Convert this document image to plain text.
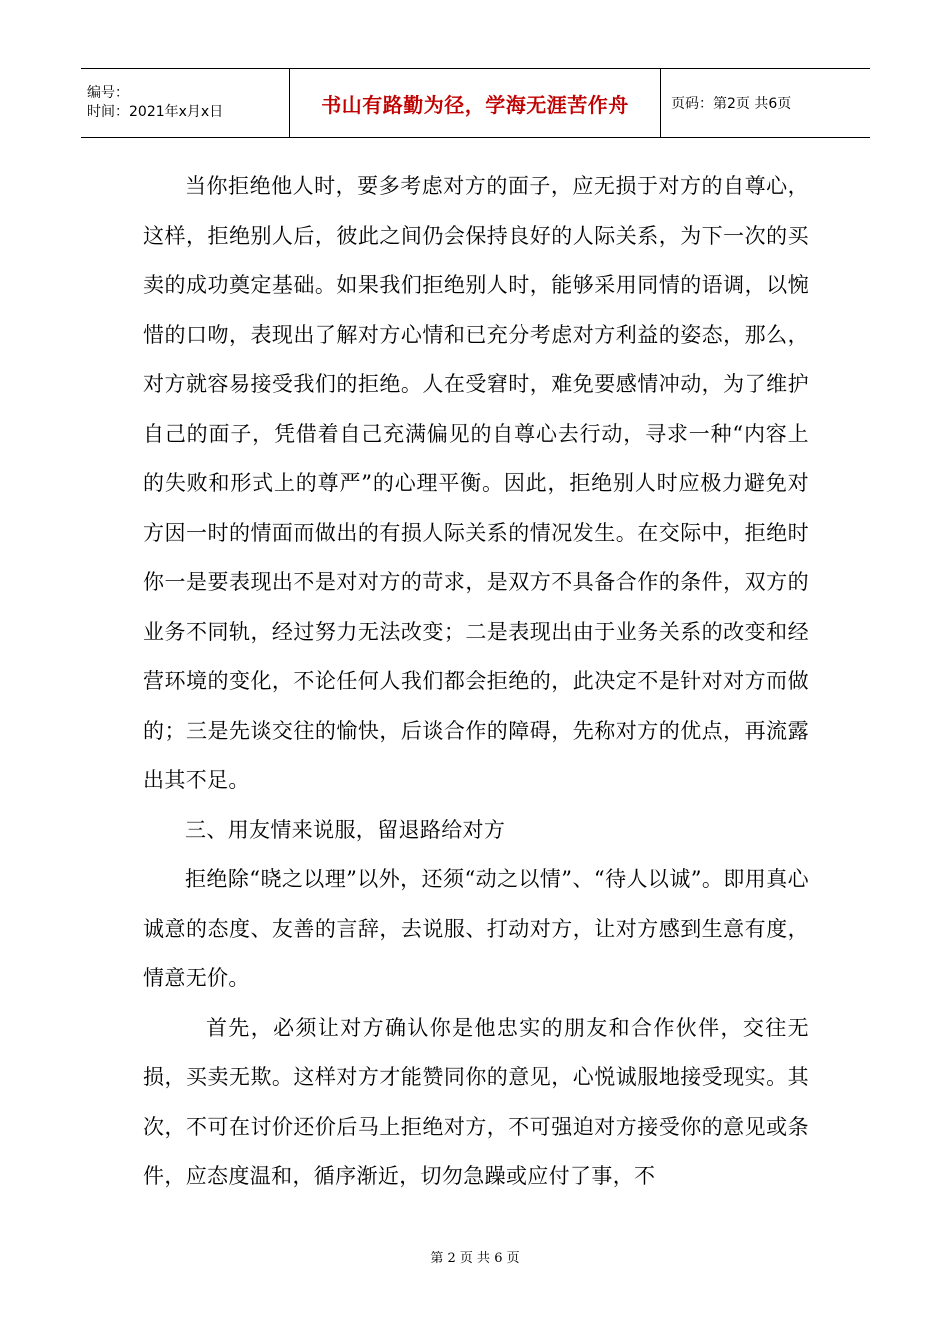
编号：
时间：2021年x月x日	书山有路勤为径，学海无涯苦作舟	页码：第2页 共6页

当你拒绝他人时，要多考虑对方的面子，应无损于对方的自尊心，这样，拒绝别人后，彼此之间仍会保持良好的人际关系，为下一次的买卖的成功奠定基础。如果我们拒绝别人时，能够采用同情的语调，以惋惜的口吻，表现出了解对方心情和已充分考虑对方利益的姿态，那么，对方就容易接受我们的拒绝。人在受窘时，难免要感情冲动，为了维护自己的面子，凭借着自己充满偏见的自尊心去行动，寻求一种“内容上的失败和形式上的尊严”的心理平衡。因此，拒绝别人时应极力避免对方因一时的情面而做出的有损人际关系的情况发生。在交际中，拒绝时你一是要表现出不是对对方的苛求，是双方不具备合作的条件，双方的业务不同轨，经过努力无法改变；二是表现出由于业务关系的改变和经营环境的变化，不论任何人我们都会拒绝的，此决定不是针对对方而做的；三是先谈交往的愉快，后谈合作的障碍，先称对方的优点，再流露出其不足。

三、用友情来说服，留退路给对方

拒绝除“晓之以理”以外，还须“动之以情”、“待人以诚”。即用真心诚意的态度、友善的言辞，去说服、打动对方，让对方感到生意有度，情意无价。

首先，必须让对方确认你是他忠实的朋友和合作伙伴，交往无损，买卖无欺。这样对方才能赞同你的意见，心悦诚服地接受现实。其次，不可在讨价还价后马上拒绝对方，不可强迫对方接受你的意见或条件，应态度温和，循序渐近，切勿急躁或应付了事，不

第 2 页 共 6 页
